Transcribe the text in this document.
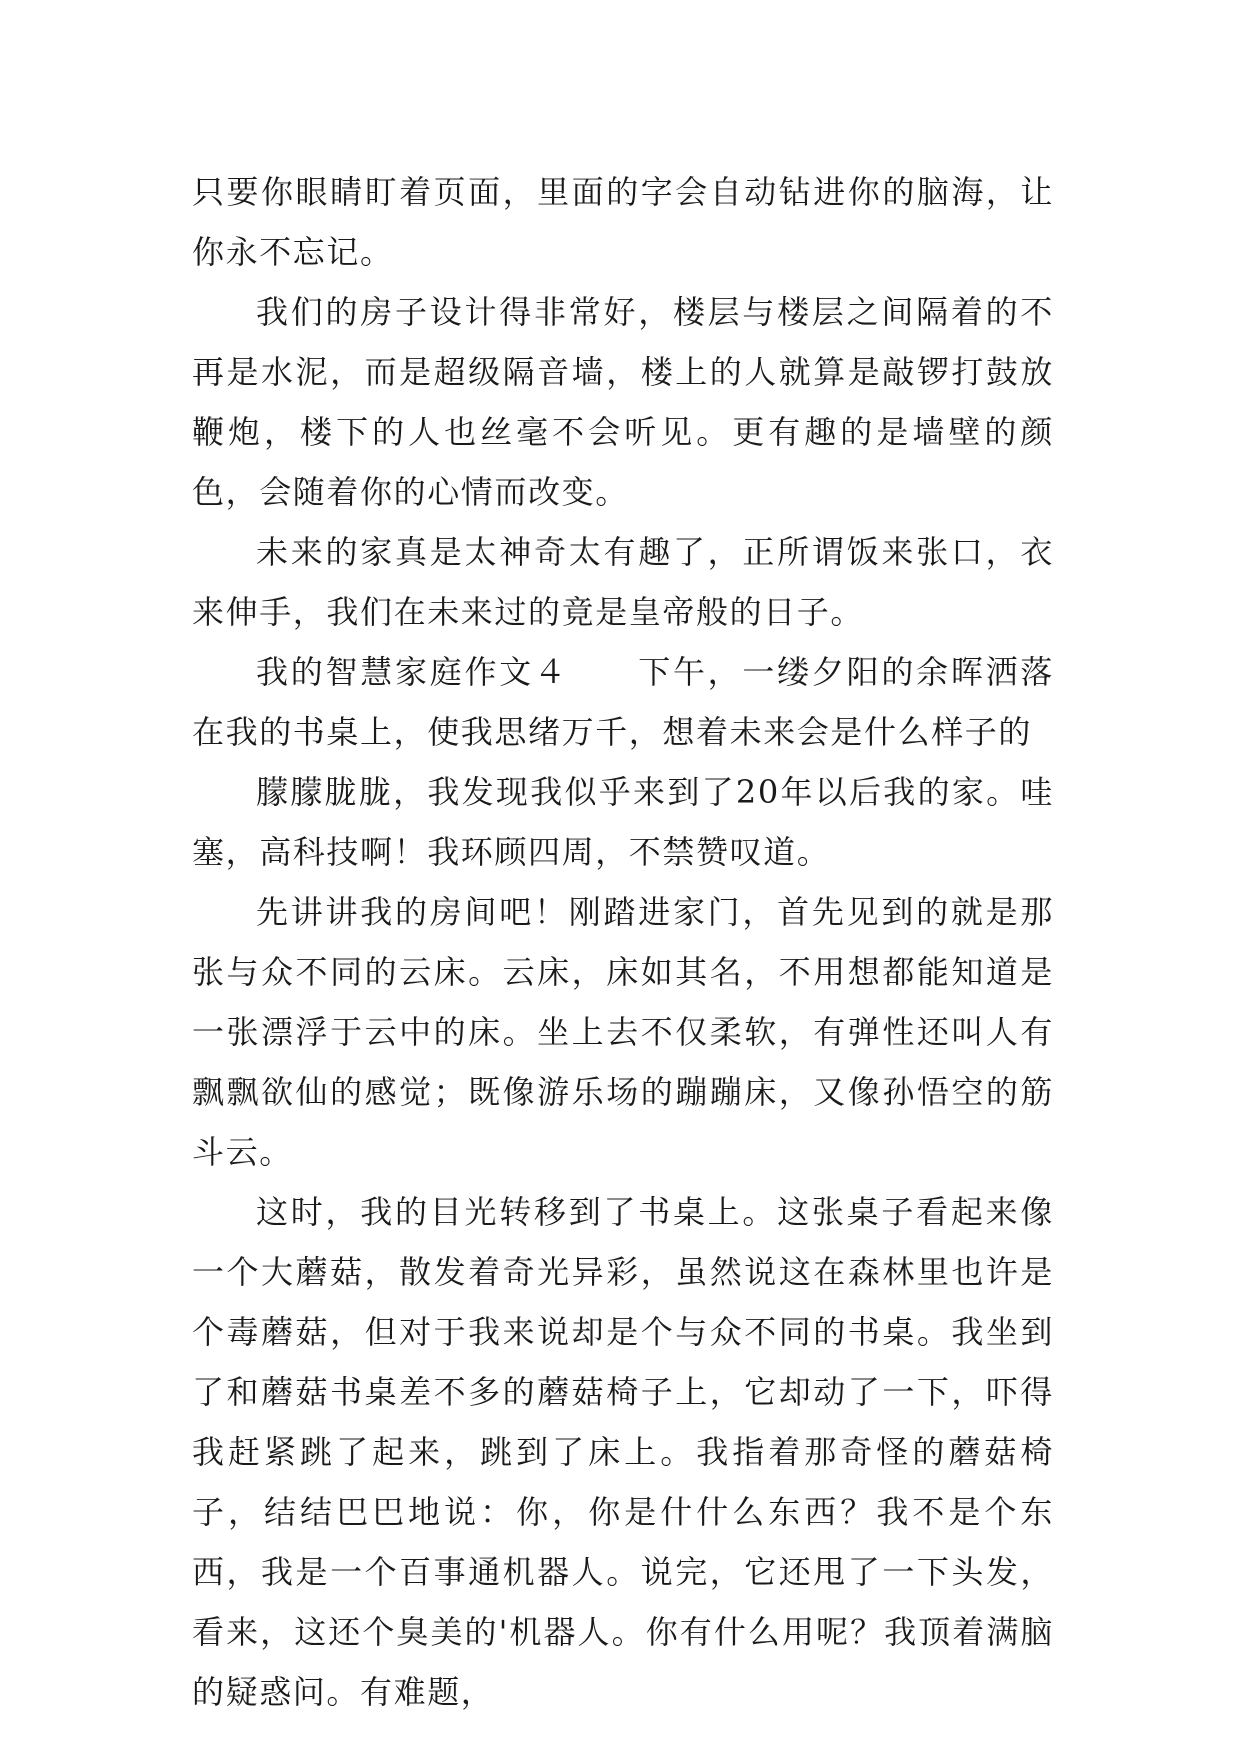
只要你眼睛盯着页面，里面的字会自动钻进你的脑海，让你永不忘记。

我们的房子设计得非常好，楼层与楼层之间隔着的不再是水泥，而是超级隔音墙，楼上的人就算是敲锣打鼓放鞭炮，楼下的人也丝毫不会听见。更有趣的是墙壁的颜色，会随着你的心情而改变。

未来的家真是太神奇太有趣了，正所谓饭来张口，衣来伸手，我们在未来过的竟是皇帝般的日子。

我的智慧家庭作文４　　下午，一缕夕阳的余晖洒落在我的书桌上，使我思绪万千，想着未来会是什么样子的

朦朦胧胧，我发现我似乎来到了20年以后我的家。哇塞，高科技啊！我环顾四周，不禁赞叹道。

先讲讲我的房间吧！刚踏进家门，首先见到的就是那张与众不同的云床。云床，床如其名，不用想都能知道是一张漂浮于云中的床。坐上去不仅柔软，有弹性还叫人有飘飘欲仙的感觉；既像游乐场的蹦蹦床，又像孙悟空的筋斗云。

这时，我的目光转移到了书桌上。这张桌子看起来像一个大蘑菇，散发着奇光异彩，虽然说这在森林里也许是个毒蘑菇，但对于我来说却是个与众不同的书桌。我坐到了和蘑菇书桌差不多的蘑菇椅子上，它却动了一下，吓得我赶紧跳了起来，跳到了床上。我指着那奇怪的蘑菇椅子，结结巴巴地说：你，你是什什么东西？我不是个东西，我是一个百事通机器人。说完，它还甩了一下头发，看来，这还个臭美的'机器人。你有什么用呢？我顶着满脑的疑惑问。有难题，
